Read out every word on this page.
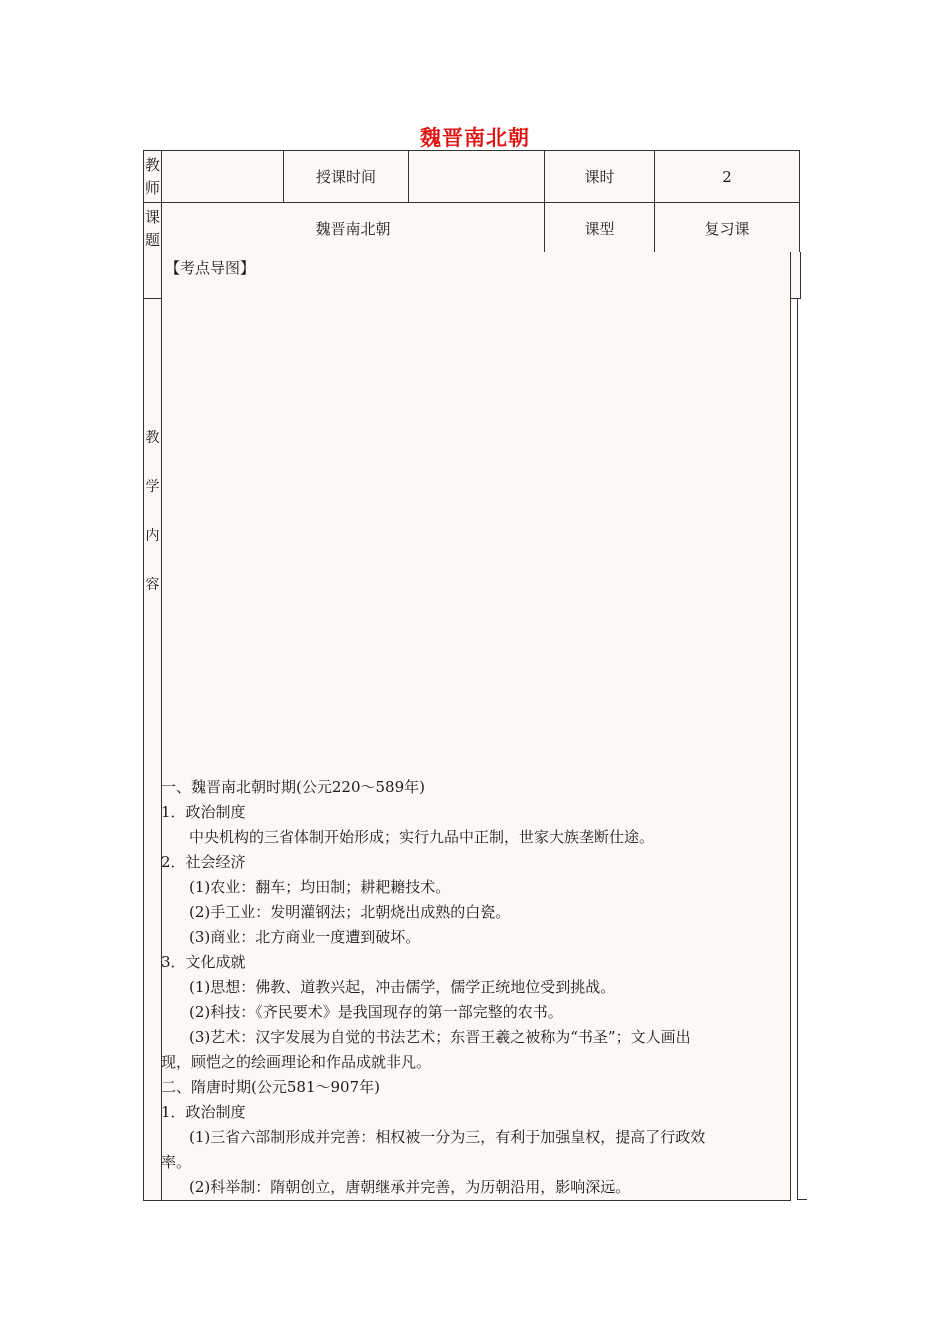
魏晋南北朝
教师		授课时间		课时	2
课题	魏晋南北朝			课型	复习课
教
学
内
容
【考点导图】
一、魏晋南北朝时期(公元220～589年)
1．政治制度
中央机构的三省体制开始形成；实行九品中正制，世家大族垄断仕途。
2．社会经济
(1)农业：翻车；均田制；耕耙耱技术。
(2)手工业：发明灌钢法；北朝烧出成熟的白瓷。
(3)商业：北方商业一度遭到破坏。
3．文化成就
(1)思想：佛教、道教兴起，冲击儒学，儒学正统地位受到挑战。
(2)科技：《齐民要术》是我国现存的第一部完整的农书。
(3)艺术：汉字发展为自觉的书法艺术；东晋王羲之被称为“书圣”；文人画出
现，顾恺之的绘画理论和作品成就非凡。
二、隋唐时期(公元581～907年)
1．政治制度
(1)三省六部制形成并完善：相权被一分为三，有利于加强皇权，提高了行政效
率。
(2)科举制：隋朝创立，唐朝继承并完善，为历朝沿用，影响深远。
